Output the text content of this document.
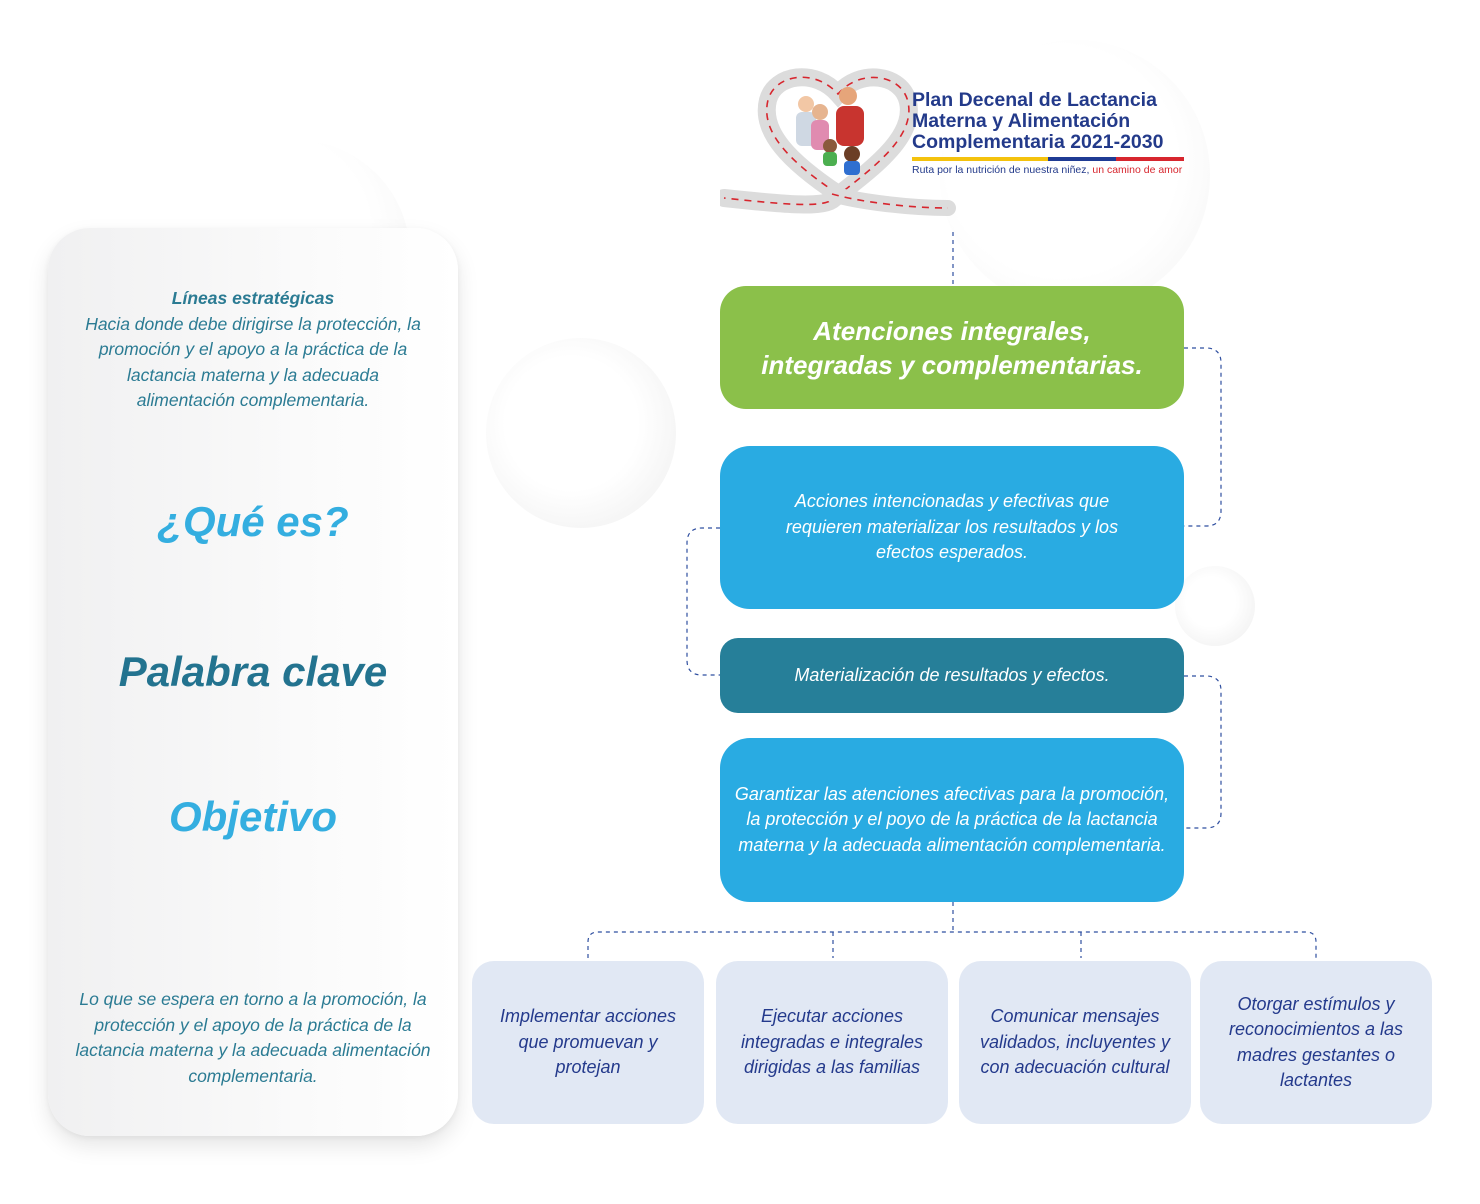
Líneas estratégicas
Hacia donde debe dirigirse la protección, la promoción y el apoyo a la práctica de la lactancia materna y la adecuada alimentación complementaria.
¿Qué es?
Palabra clave
Objetivo
Lo que se espera en torno a la promoción, la protección y el apoyo de la práctica de la lactancia materna y la adecuada alimentación complementaria.
Plan Decenal de Lactancia
Materna y Alimentación
Complementaria 2021-2030
Ruta por la nutrición de nuestra niñez, un camino de amor
Atenciones integrales, integradas y complementarias.
Acciones intencionadas y efectivas que requieren materializar los resultados y los efectos esperados.
Materialización de resultados y efectos.
Garantizar las atenciones afectivas para la promoción, la protección y el poyo de la práctica de la lactancia materna y la adecuada alimentación complementaria.
Implementar acciones que promuevan y protejan
Ejecutar acciones integradas e integrales dirigidas a las familias
Comunicar mensajes validados, incluyentes y con adecuación cultural
Otorgar estímulos y reconocimientos a las madres gestantes o lactantes
